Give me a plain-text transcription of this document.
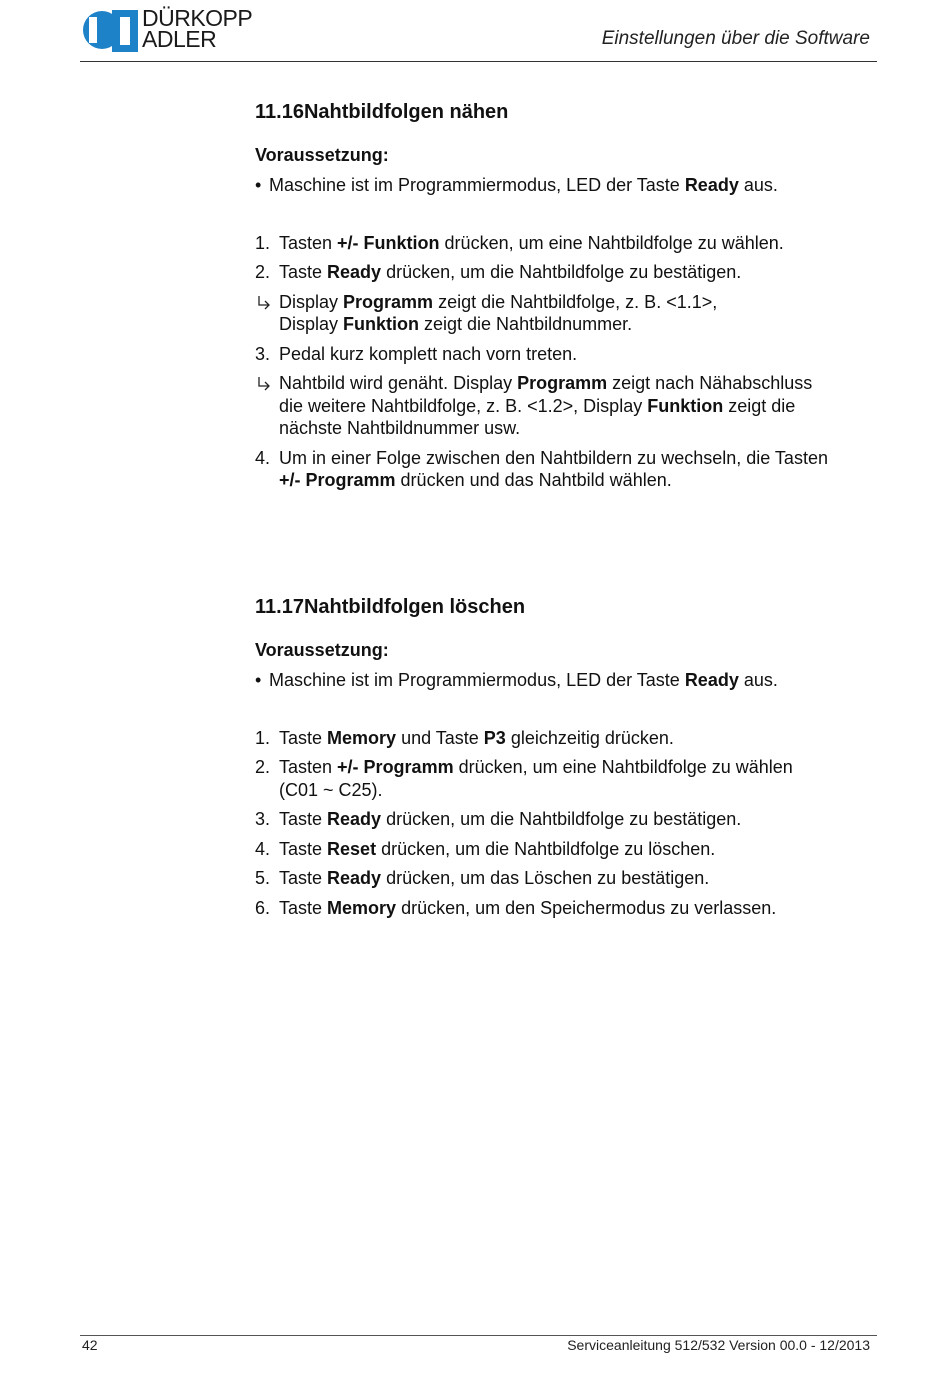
DÜRKOPP
ADLER	Einstellungen über die Software
11.16Nahtbildfolgen nähen
Voraussetzung:
• Maschine ist im Programmiermodus, LED der Taste Ready aus.
1. Tasten +/- Funktion drücken, um eine Nahtbildfolge zu wählen.
2. Taste Ready drücken, um die Nahtbildfolge zu bestätigen.
Display Programm zeigt die Nahtbildfolge, z. B. <1.1>,
Display Funktion zeigt die Nahtbildnummer.
3. Pedal kurz komplett nach vorn treten.
Nahtbild wird genäht. Display Programm zeigt nach Nähabschluss
die weitere Nahtbildfolge, z. B. <1.2>, Display Funktion zeigt die
nächste Nahtbildnummer usw.
4. Um in einer Folge zwischen den Nahtbildern zu wechseln, die Tasten
+/- Programm drücken und das Nahtbild wählen.
11.17Nahtbildfolgen löschen
Voraussetzung:
• Maschine ist im Programmiermodus, LED der Taste Ready aus.
1. Taste Memory und Taste P3 gleichzeitig drücken.
2. Tasten +/- Programm drücken, um eine Nahtbildfolge zu wählen
(C01 ~ C25).
3. Taste Ready drücken, um die Nahtbildfolge zu bestätigen.
4. Taste Reset drücken, um die Nahtbildfolge zu löschen.
5. Taste Ready drücken, um das Löschen zu bestätigen.
6. Taste Memory drücken, um den Speichermodus zu verlassen.
42	Serviceanleitung 512/532 Version 00.0 - 12/2013
